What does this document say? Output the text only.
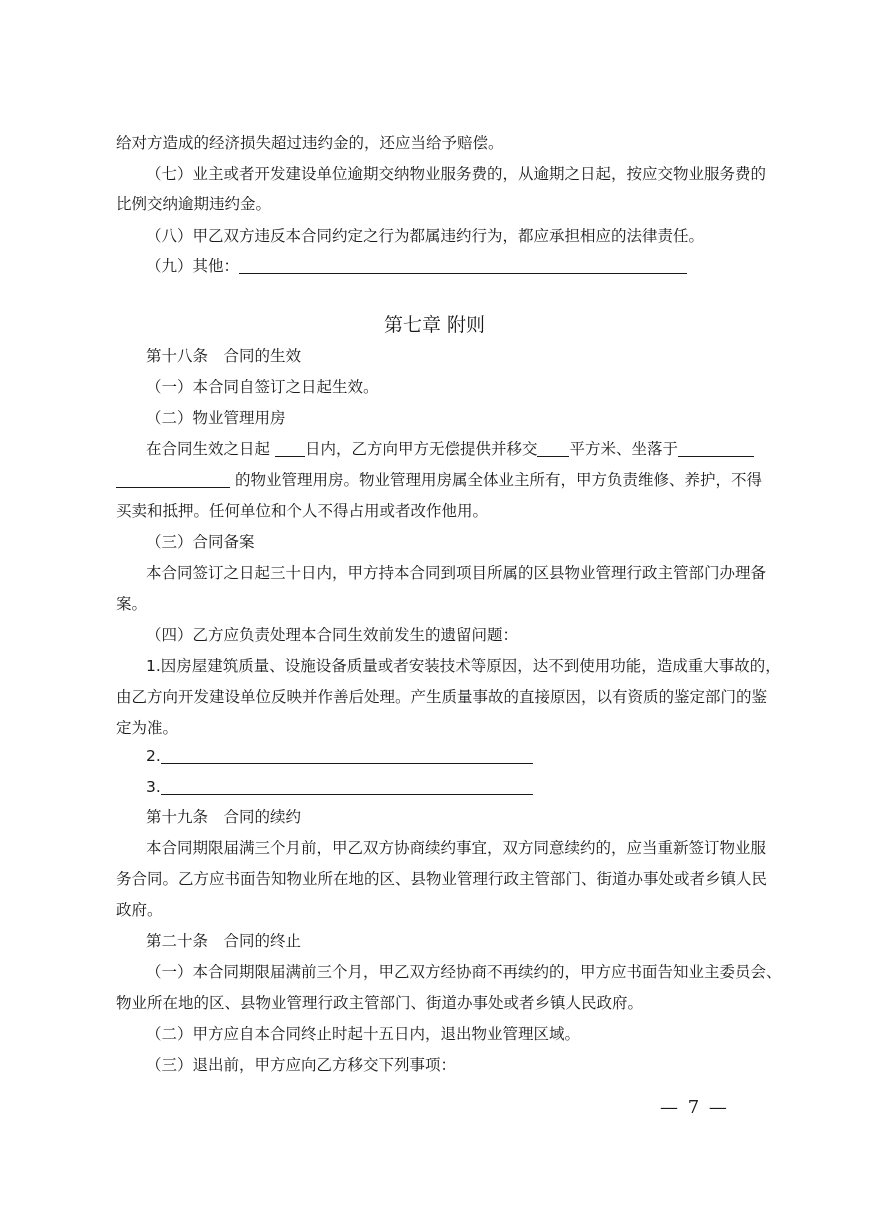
给对方造成的经济损失超过违约金的，还应当给予赔偿。
（七）业主或者开发建设单位逾期交纳物业服务费的，从逾期之日起，按应交物业服务费的
比例交纳逾期违约金。
（八）甲乙双方违反本合同约定之行为都属违约行为，都应承担相应的法律责任。
（九）其他：
第七章 附则
第十八条　合同的生效
（一）本合同自签订之日起生效。
（二）物业管理用房
在合同生效之日起 日内，乙方向甲方无偿提供并移交 平方米、坐落于
的物业管理用房。物业管理用房属全体业主所有，甲方负责维修、养护，不得
买卖和抵押。任何单位和个人不得占用或者改作他用。
（三）合同备案
本合同签订之日起三十日内，甲方持本合同到项目所属的区县物业管理行政主管部门办理备
案。
（四）乙方应负责处理本合同生效前发生的遗留问题：
1.因房屋建筑质量、设施设备质量或者安装技术等原因，达不到使用功能，造成重大事故的，
由乙方向开发建设单位反映并作善后处理。产生质量事故的直接原因，以有资质的鉴定部门的鉴
定为准。
2.
3.
第十九条　合同的续约
本合同期限届满三个月前，甲乙双方协商续约事宜，双方同意续约的，应当重新签订物业服
务合同。乙方应书面告知物业所在地的区、县物业管理行政主管部门、街道办事处或者乡镇人民
政府。
第二十条　合同的终止
（一）本合同期限届满前三个月，甲乙双方经协商不再续约的，甲方应书面告知业主委员会、
物业所在地的区、县物业管理行政主管部门、街道办事处或者乡镇人民政府。
（二）甲方应自本合同终止时起十五日内，退出物业管理区域。
（三）退出前，甲方应向乙方移交下列事项：
— 7 —
